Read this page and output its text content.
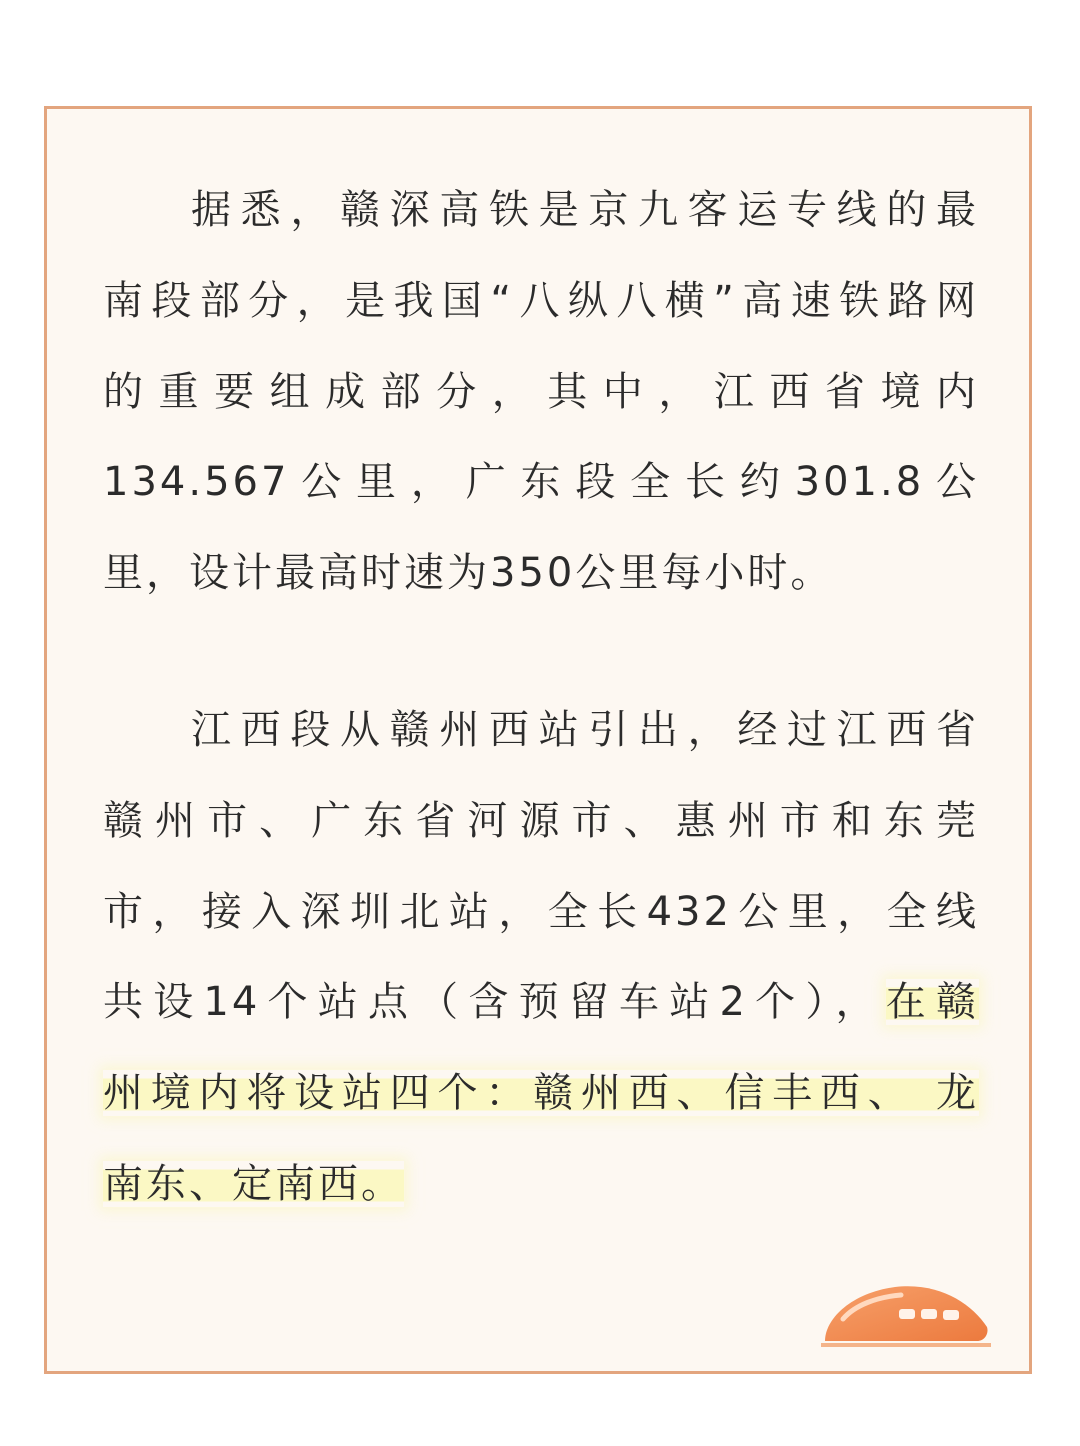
据悉，赣深高铁是京九客运专线的最
南段部分，是我国“八纵八横”高速铁路网
的重要组成部分，其中，江西省境内
134.567公里，广东段全长约301.8公
里，设计最高时速为350公里每小时。
江西段从赣州西站引出，经过江西省
赣州市、广东省河源市、惠州市和东莞
市，接入深圳北站，全长432公里，全线
共设14个站点（含预留车站2个），在赣
州境内将设站四个：赣州西、信丰西、 龙
南东、定南西。
